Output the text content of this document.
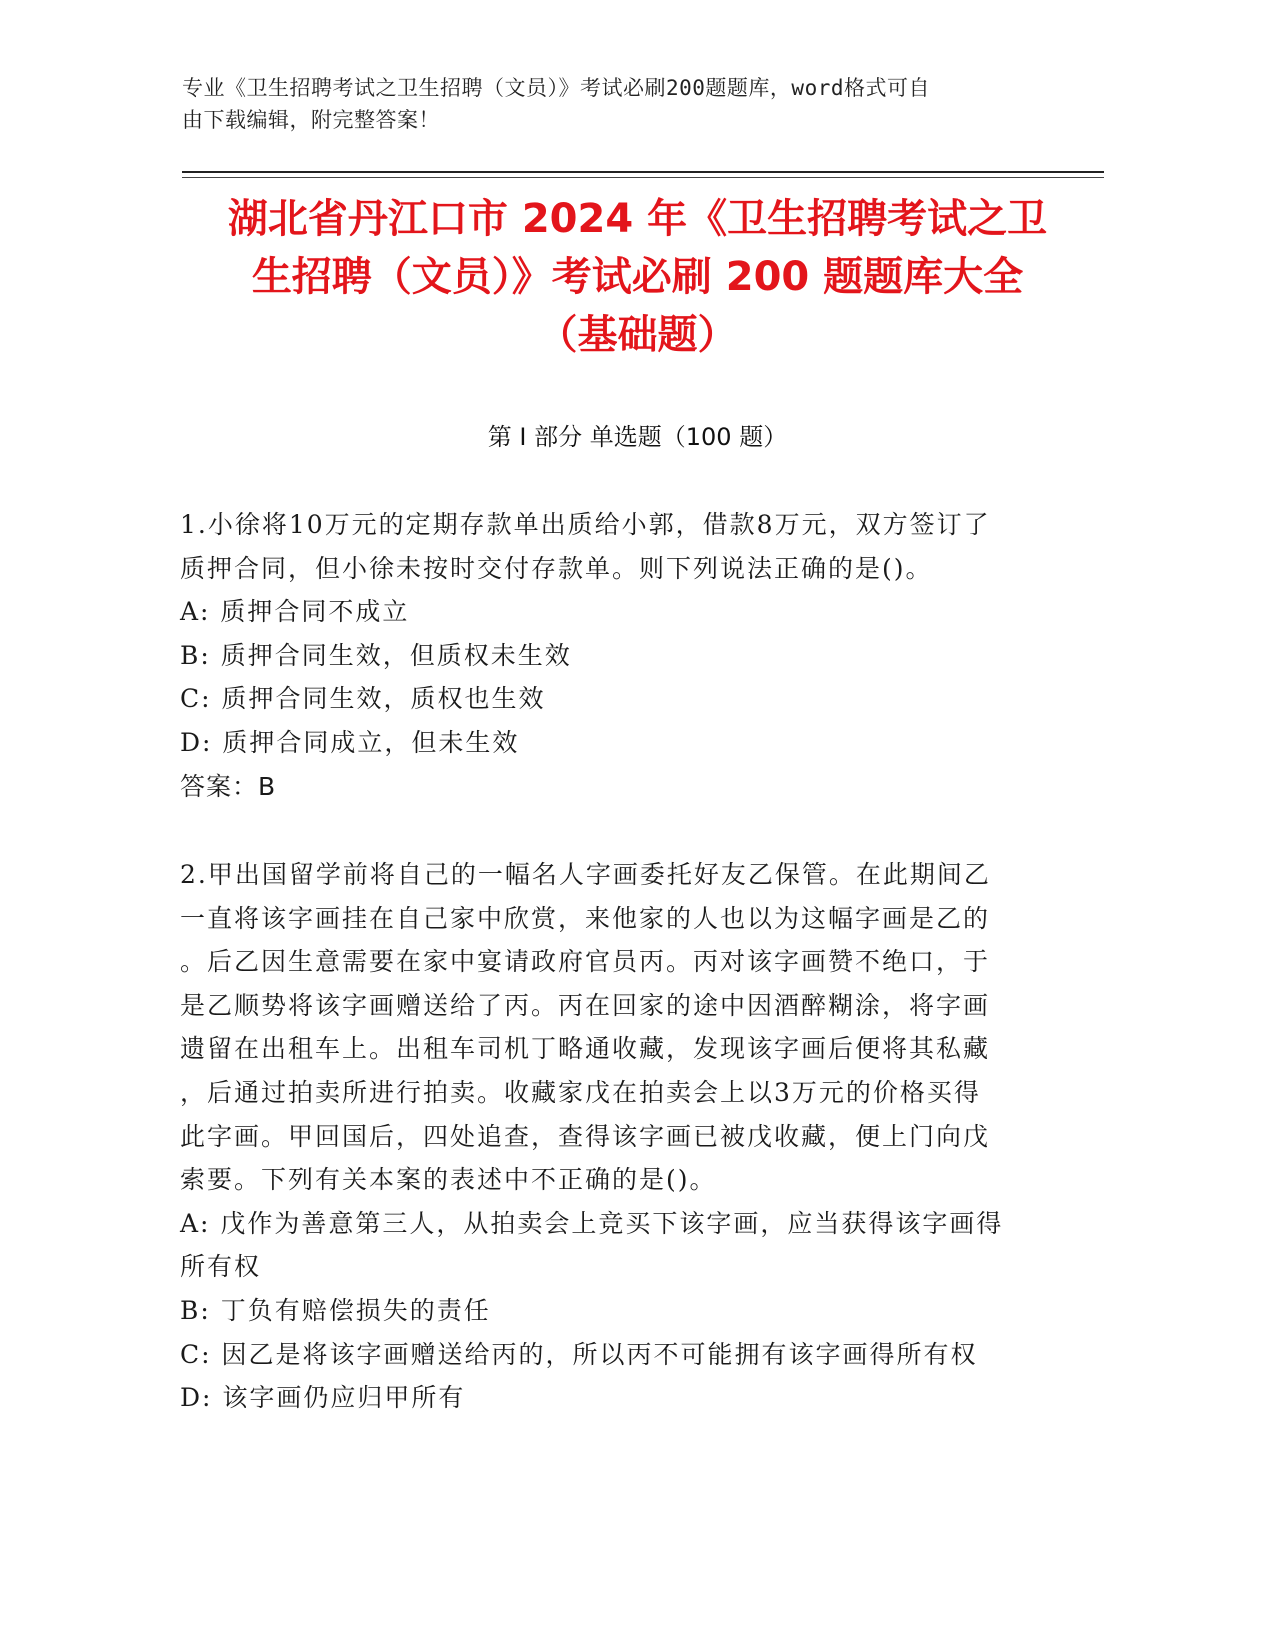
专业《卫生招聘考试之卫生招聘（文员）》考试必刷200题题库，word格式可自
由下载编辑，附完整答案！
湖北省丹江口市 2024 年《卫生招聘考试之卫
生招聘（文员）》考试必刷 200 题题库大全
（基础题）
第 I 部分 单选题（100 题）
1.小徐将10万元的定期存款单出质给小郭，借款8万元，双方签订了
质押合同，但小徐未按时交付存款单。则下列说法正确的是()。
A: 质押合同不成立
B: 质押合同生效，但质权未生效
C: 质押合同生效，质权也生效
D: 质押合同成立，但未生效
答案：B
2.甲出国留学前将自己的一幅名人字画委托好友乙保管。在此期间乙
一直将该字画挂在自己家中欣赏，来他家的人也以为这幅字画是乙的
。后乙因生意需要在家中宴请政府官员丙。丙对该字画赞不绝口，于
是乙顺势将该字画赠送给了丙。丙在回家的途中因酒醉糊涂，将字画
遗留在出租车上。出租车司机丁略通收藏，发现该字画后便将其私藏
，后通过拍卖所进行拍卖。收藏家戊在拍卖会上以3万元的价格买得
此字画。甲回国后，四处追查，查得该字画已被戊收藏，便上门向戊
索要。下列有关本案的表述中不正确的是()。
A: 戊作为善意第三人，从拍卖会上竞买下该字画，应当获得该字画得
所有权
B: 丁负有赔偿损失的责任
C: 因乙是将该字画赠送给丙的，所以丙不可能拥有该字画得所有权
D: 该字画仍应归甲所有
